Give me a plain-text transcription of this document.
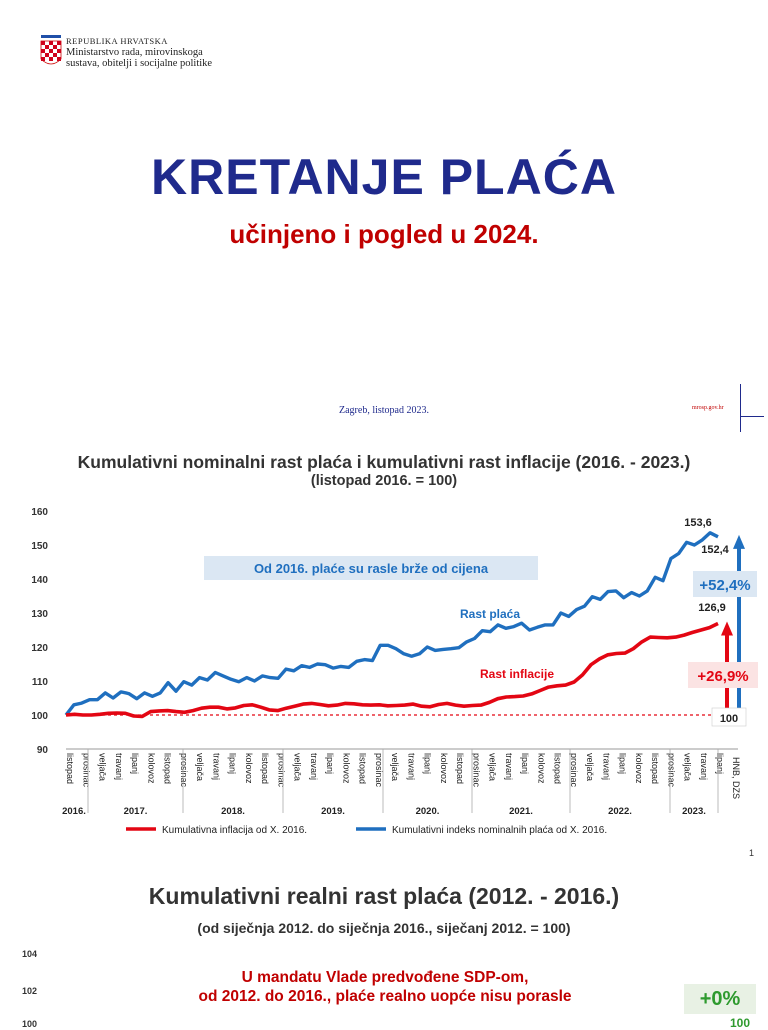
REPUBLIKA HRVATSKA
Ministarstvo rada, mirovinskoga
sustava, obitelji i socijalne politike
KRETANJE PLAĆA
učinjeno i pogled u 2024.
Zagreb, listopad 2023.	mrosp.gov.hr
Kumulativni nominalni rast plaća i kumulativni rast inflacije (2016. - 2023.)
(listopad 2016. = 100)
90
100
110
120
130
140
150
160
Od 2016. plaće su rasle brže od cijena
Rast plaća
Rast inflacije
153,6
152,4
126,9
+52,4%
+26,9%
100
listopad prosinac veljača travanj lipanj kolovoz listopad prosinac veljača travanj lipanj kolovoz listopad prosinac veljača travanj lipanj kolovoz listopad prosinac veljača travanj lipanj kolovoz listopad prosinac veljača travanj lipanj kolovoz listopad prosinac veljača travanj lipanj kolovoz listopad prosinac veljača travanj lipanj
2016.	2017.	2018.	2019.	2020.	2021.	2022.	2023.
HNB, DZS
Kumulativna inflacija od X. 2016.	Kumulativni indeks nominalnih plaća od X. 2016.
1
Kumulativni realni rast plaća (2012. - 2016.)
(od siječnja 2012. do siječnja 2016., siječanj 2012. = 100)
104
102
100
U mandatu Vlade predvođene SDP-om,
od 2012. do 2016., plaće realno uopće nisu porasle	+0%
100
